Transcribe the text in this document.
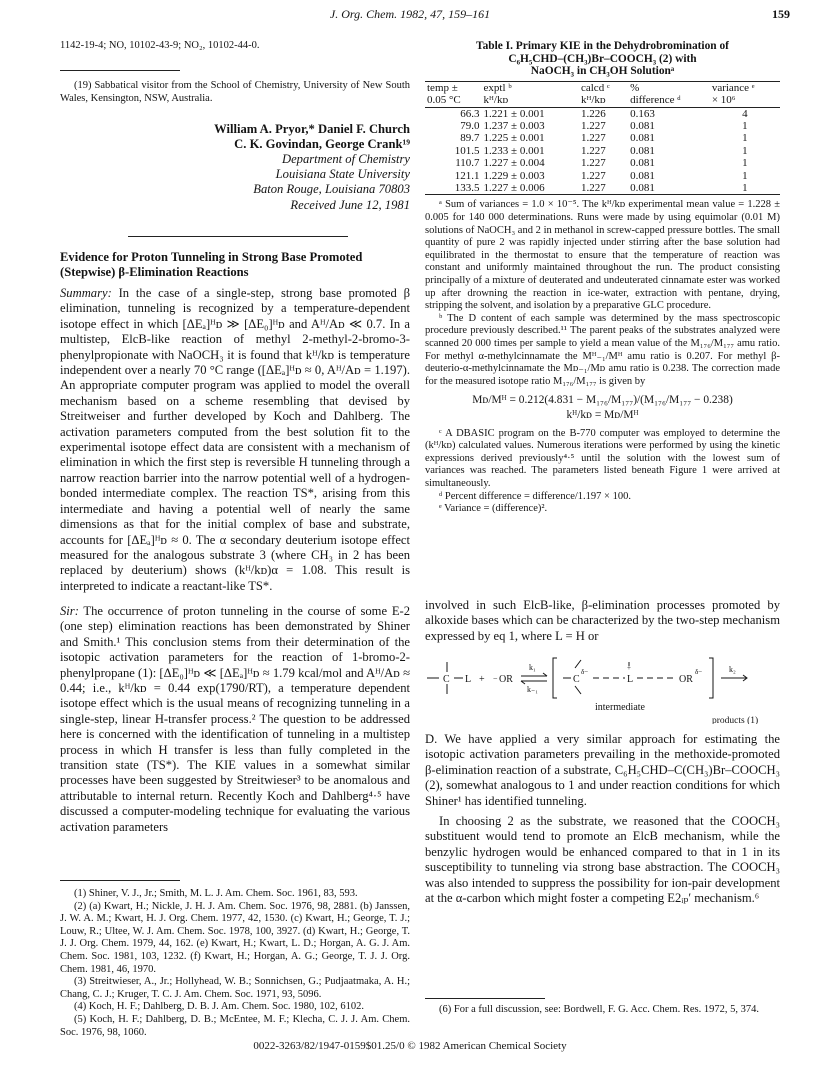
J. Org. Chem. 1982, 47, 159–161	159
1142-19-4; NO, 10102-43-9; NO₂, 10102-44-0.

(19) Sabbatical visitor from the School of Chemistry, University of New South Wales, Kensington, NSW, Australia.

William A. Pryor,* Daniel F. Church
C. K. Govindan, George Crank¹⁹
Department of Chemistry
Louisiana State University
Baton Rouge, Louisiana 70803
Received June 12, 1981
Evidence for Proton Tunneling in Strong Base Promoted (Stepwise) β-Elimination Reactions

Summary: In the case of a single-step, strong base promoted β elimination, tunneling is recognized by a temperature-dependent isotope effect in which [ΔEₐ]ᴴᴅ ≫ [ΔE₀]ᴴᴅ and Aᴴ/Aᴅ ≪ 0.7. In a multistep, ElcB-like reaction of methyl 2-methyl-2-bromo-3-phenylpropionate with NaOCH₃ it is found that kᴴ/kᴅ is temperature independent over a nearly 70 °C range ([ΔEₐ]ᴴᴅ ≈ 0, Aᴴ/Aᴅ = 1.197). An appropriate computer program was applied to model the overall mechanism based on a scheme resembling that devised by Streitweiser and further developed by Koch and Dahlberg. The activation parameters computed from the best solution fit to the experimental isotope effect data are consistent with a mechanism of elimination in which the first step is reversible H tunneling through a narrow reaction barrier into the narrow potential well of a hydrogen-bonded intermediate complex. The reaction TS*, arising from this intermediate and having a potential well of nearly the same dimensions as that for the initial complex of base and substrate, accounts for [ΔEₐ]ᴴᴅ ≈ 0. The α secondary deuterium isotope effect measured for the analogous substrate 3 (where CH₃ in 2 has been replaced by deuterium) shows (kᴴ/kᴅ)α = 1.08. This result is interpreted to indicate a reactant-like TS*.

Sir: The occurrence of proton tunneling in the course of some E-2 (one step) elimination reactions has been demonstrated by Shiner and Smith.¹ This conclusion stems from their determination of the isotopic activation parameters for the reaction of 1-bromo-2-phenylpropane (1): [ΔE₀]ᴴᴅ ≪ [ΔEₐ]ᴴᴅ ≈ 1.79 kcal/mol and Aᴴ/Aᴅ ≈ 0.44; i.e., kᴴ/kᴅ = 0.44 exp(1790/RT), a temperature dependent isotope effect which is the usual means of recognizing tunneling in a single-step, linear H-transfer process.² The question to be addressed here is concerned with the identification of tunneling in a multistep process in which H transfer is less than fully completed in the transition state (TS*). The KIE values in a somewhat similar processes have been suggested by Streitwieser³ to be anomalous and attributable to internal return. Recently Koch and Dahlberg⁴·⁵ have discussed a computer-modeling technique for evaluating the various activation parameters

(1) Shiner, V. J., Jr.; Smith, M. L. J. Am. Chem. Soc. 1961, 83, 593.

(2) (a) Kwart, H.; Nickle, J. H. J. Am. Chem. Soc. 1976, 98, 2881. (b) Janssen, J. W. A. M.; Kwart, H. J. Org. Chem. 1977, 42, 1530. (c) Kwart, H.; George, T. J.; Louw, R.; Ultee, W. J. Am. Chem. Soc. 1978, 100, 3927. (d) Kwart, H.; George, T. J. J. Org. Chem. 1979, 44, 162. (e) Kwart, H.; Kwart, L. D.; Horgan, A. G. J. Am. Chem. Soc. 1981, 103, 1232. (f) Kwart, H.; Horgan, A. G.; George, T. J. J. Org. Chem. 1981, 46, 1970.

(3) Streitwieser, A., Jr.; Hollyhead, W. B.; Sonnichsen, G.; Pudjaatmaka, A. H.; Chang, C. J.; Kruger, T. C. J. Am. Chem. Soc. 1971, 93, 5096.

(4) Koch, H. F.; Dahlberg, D. B. J. Am. Chem. Soc. 1980, 102, 6102.

(5) Koch, H. F.; Dahlberg, D. B.; McEntee, M. F.; Klecha, C. J. J. Am. Chem. Soc. 1976, 98, 1060.

Table I. Primary KIE in the Dehydrobromination of
C₆H₅CHD–(CH₃)Br–COOCH₃ (2) with
NaOCH₃ in CH₃OH Solutionᵃ
temp ±	exptl ᵇ	calcd ᶜ	%	variance ᵉ
0.05 °C	kᴴ/kᴅ	kᴴ/kᴅ	difference ᵈ	× 10⁶
66.3	1.221 ± 0.001	1.226	0.163	4
79.0	1.237 ± 0.003	1.227	0.081	1
89.7	1.225 ± 0.001	1.227	0.081	1
101.5	1.233 ± 0.001	1.227	0.081	1
110.7	1.227 ± 0.004	1.227	0.081	1
121.1	1.229 ± 0.003	1.227	0.081	1
133.5	1.227 ± 0.006	1.227	0.081	1

ᵃ Sum of variances = 1.0 × 10⁻⁵. The kᴴ/kᴅ experimental mean value = 1.228 ± 0.005 for 140 000 determinations. Runs were made by using equimolar (0.01 M) solutions of NaOCH₃ and 2 in methanol in screw-capped pressure bottles. The small quantity of pure 2 was rapidly injected under stirring after the base solution had equilibrated in the thermostat to ensure that the temperature of reaction was constant and uniformly maintained throughout the run. The product consisting principally of a mixture of deuterated and undeuterated cinnamate ester was worked up after drowning the reaction in ice-water, extraction with pentane, drying, stripping the solvent, and isolation by a preparative GLC procedure.

ᵇ The D content of each sample was determined by the mass spectroscopic procedure previously described.¹¹ The parent peaks of the substrates analyzed were scanned 20 000 times per sample to yield a mean value of the M₁₇₆/M₁₇₇ amu ratio. For methyl α-methylcinnamate the Mᴴ₋₁/Mᴴ amu ratio is 0.207. For methyl β-deuterio-α-methylcinnamate the Mᴅ₋₁/Mᴅ amu ratio is 0.238. The correction made for the measured isotope ratio M₁₇₆/M₁₇₇ is given by

Mᴅ/Mᴴ = 0.212(4.831 − M₁₇₆/M₁₇₇)/(M₁₇₆/M₁₇₇ − 0.238)
kᴴ/kᴅ = Mᴅ/Mᴴ

ᶜ A DBASIC program on the B-770 computer was employed to determine the (kᴴ/kᴅ) calculated values. Numerous iterations were performed by using the kinetic expressions derived previously⁴·⁵ until the solution with the lowest sum of variances was reached. The parameters listed beneath Figure 1 were arrived at simultaneously.

ᵈ Percent difference = difference/1.197 × 100.

ᵉ Variance = (difference)².

involved in such ElcB-like, β-elimination processes promoted by alkoxide bases which can be characterized by the two-step mechanism expressed by eq 1, where L = H or

C L + − OR
k₁
k₋₁
C
δ−
L
+
OR
δ−	k₂
intermediate
products (1)

D. We have applied a very similar approach for estimating the isotopic activation parameters prevailing in the methoxide-promoted β-elimination reaction of a substrate, C₆H₅CHD–C(CH₃)Br–COOCH₃ (2), somewhat analogous to 1 and under reaction conditions for which Shiner¹ has identified tunneling.

In choosing 2 as the substrate, we reasoned that the COOCH₃ substituent would tend to promote an ElcB mechanism, while the benzylic hydrogen would be enhanced compared to that in 1 in its susceptibility to tunneling via strong base abstraction. The COOCH₃ was also intended to suppress the possibility for ion-pair development at the α-carbon which might foster a competing E2ᵢₚ′ mechanism.⁶

(6) For a full discussion, see: Bordwell, F. G. Acc. Chem. Res. 1972, 5, 374.

0022-3263/82/1947-0159$01.25/0 © 1982 American Chemical Society
